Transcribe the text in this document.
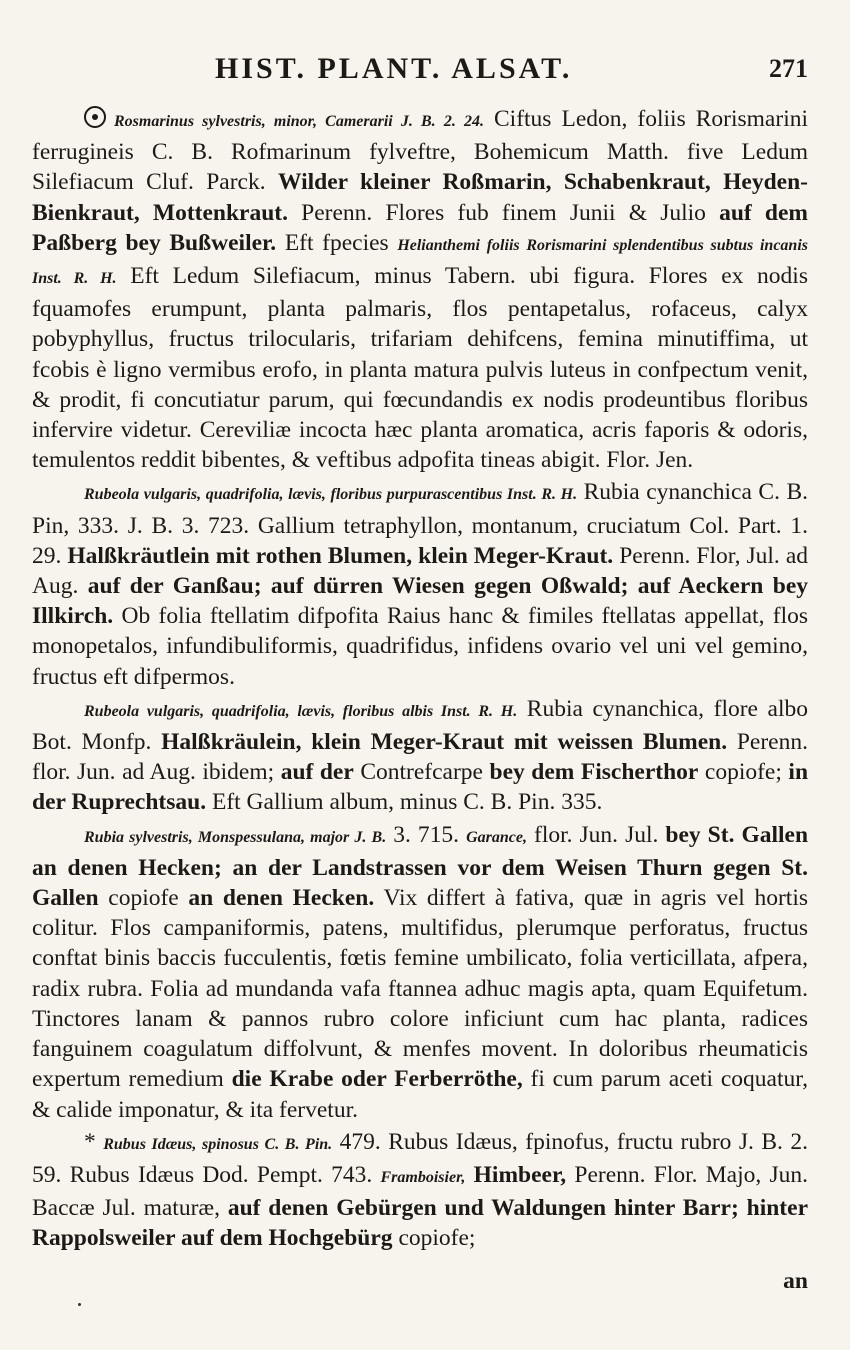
HIST. PLANT. ALSAT.	271

Rosmarinus sylvestris, minor, Camerarii J. B. 2. 24. Ciftus Ledon, foliis Rorismarini ferrugineis C. B. Rofmarinum fylveftre, Bohemicum Matth. five Ledum Silefiacum Cluf. Parck. Wilder kleiner Roßmarin, Schabenkraut, Heyden-Bienkraut, Mottenkraut. Perenn. Flores fub finem Junii & Julio auf dem Paßberg bey Bußweiler. Eft fpecies Helianthemi foliis Rorismarini splendentibus subtus incanis Inst. R. H. Eft Ledum Silefiacum, minus Tabern. ubi figura. Flores ex nodis fquamofes erumpunt, planta palmaris, flos pentapetalus, rofaceus, calyx pobyphyllus, fructus trilocularis, trifariam dehifcens, femina minutiffima, ut fcobis è ligno vermibus erofo, in planta matura pulvis luteus in confpectum venit, & prodit, fi concutiatur parum, qui fœcundandis ex nodis prodeuntibus floribus infervire videtur. Cereviliæ incocta hæc planta aromatica, acris faporis & odoris, temulentos reddit bibentes, & veftibus adpofita tineas abigit. Flor. Jen.

Rubeola vulgaris, quadrifolia, lævis, floribus purpurascentibus Inst. R. H. Rubia cynanchica C. B. Pin, 333. J. B. 3. 723. Gallium tetraphyllon, montanum, cruciatum Col. Part. 1. 29. Halßkräutlein mit rothen Blumen, klein Meger-Kraut. Perenn. Flor, Jul. ad Aug. auf der Ganßau; auf dürren Wiesen gegen Oßwald; auf Aeckern bey Illkirch. Ob folia ftellatim difpofita Raius hanc & fimiles ftellatas appellat, flos monopetalos, infundibuliformis, quadrifidus, infidens ovario vel uni vel gemino, fructus eft difpermos.

Rubeola vulgaris, quadrifolia, lævis, floribus albis Inst. R. H. Rubia cynanchica, flore albo Bot. Monfp. Halßkräulein, klein Meger-Kraut mit weissen Blumen. Perenn. flor. Jun. ad Aug. ibidem; auf der Contrefcarpe bey dem Fischerthor copiofe; in der Ruprechtsau. Eft Gallium album, minus C. B. Pin. 335.

Rubia sylvestris, Monspessulana, major J. B. 3. 715. Garance, flor. Jun. Jul. bey St. Gallen an denen Hecken; an der Landstrassen vor dem Weisen Thurn gegen St. Gallen copiofe an denen Hecken. Vix differt à fativa, quæ in agris vel hortis colitur. Flos campaniformis, patens, multifidus, plerumque perforatus, fructus conftat binis baccis fucculentis, fœtis femine umbilicato, folia verticillata, afpera, radix rubra. Folia ad mundanda vafa ftannea adhuc magis apta, quam Equifetum. Tinctores lanam & pannos rubro colore inficiunt cum hac planta, radices fanguinem coagulatum diffolvunt, & menfes movent. In doloribus rheumaticis expertum remedium die Krabe oder Ferberröthe, fi cum parum aceti coquatur, & calide imponatur, & ita fervetur.

* Rubus Idæus, spinosus C. B. Pin. 479. Rubus Idæus, fpinofus, fructu rubro J. B. 2. 59. Rubus Idæus Dod. Pempt. 743. Framboisier, Himbeer, Perenn. Flor. Majo, Jun. Baccæ Jul. maturæ, auf denen Gebürgen und Waldungen hinter Barr; hinter Rappolsweiler auf dem Hochgebürg copiofe;

an
